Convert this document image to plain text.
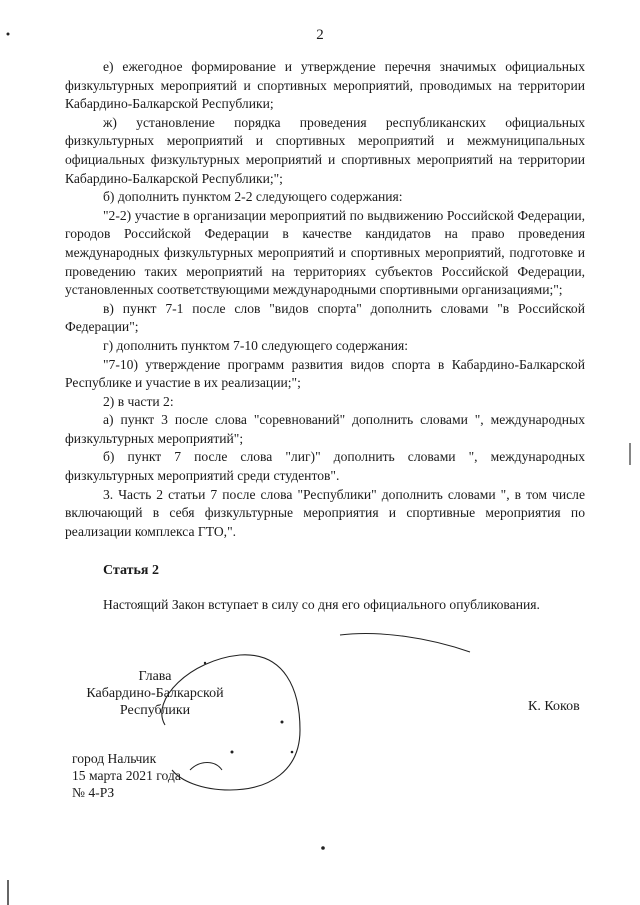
2

е) ежегодное формирование и утверждение перечня значимых официальных физкультурных мероприятий и спортивных мероприятий, проводимых на территории Кабардино-Балкарской Республики;

ж) установление порядка проведения республиканских официальных физкультурных мероприятий и спортивных мероприятий и межмуниципальных официальных физкультурных мероприятий и спортивных мероприятий на территории Кабардино-Балкарской Республики;";

б) дополнить пунктом 2-2 следующего содержания:

"2-2) участие в организации мероприятий по выдвижению Российской Федерации, городов Российской Федерации в качестве кандидатов на право проведения международных физкультурных мероприятий и спортивных мероприятий, подготовке и проведению таких мероприятий на территориях субъектов Российской Федерации, установленных соответствующими международными спортивными организациями;";

в) пункт 7-1 после слов "видов спорта" дополнить словами "в Российской Федерации";

г) дополнить пунктом 7-10 следующего содержания:

"7-10) утверждение программ развития видов спорта в Кабардино-Балкарской Республике и участие в их реализации;";

2) в части 2:

а) пункт 3 после слова "соревнований" дополнить словами ", международных физкультурных мероприятий";

б) пункт 7 после слова "лиг)" дополнить словами ", международных физкультурных мероприятий среди студентов".

3. Часть 2 статьи 7 после слова "Республики" дополнить словами ", в том числе включающий в себя физкультурные мероприятия и спортивные мероприятия по реализации комплекса ГТО,".

Статья 2

Настоящий Закон вступает в силу со дня его официального опубликования.

Глава
Кабардино-Балкарской
Республики	К. Коков
город Нальчик
15 марта 2021 года
№ 4-РЗ
